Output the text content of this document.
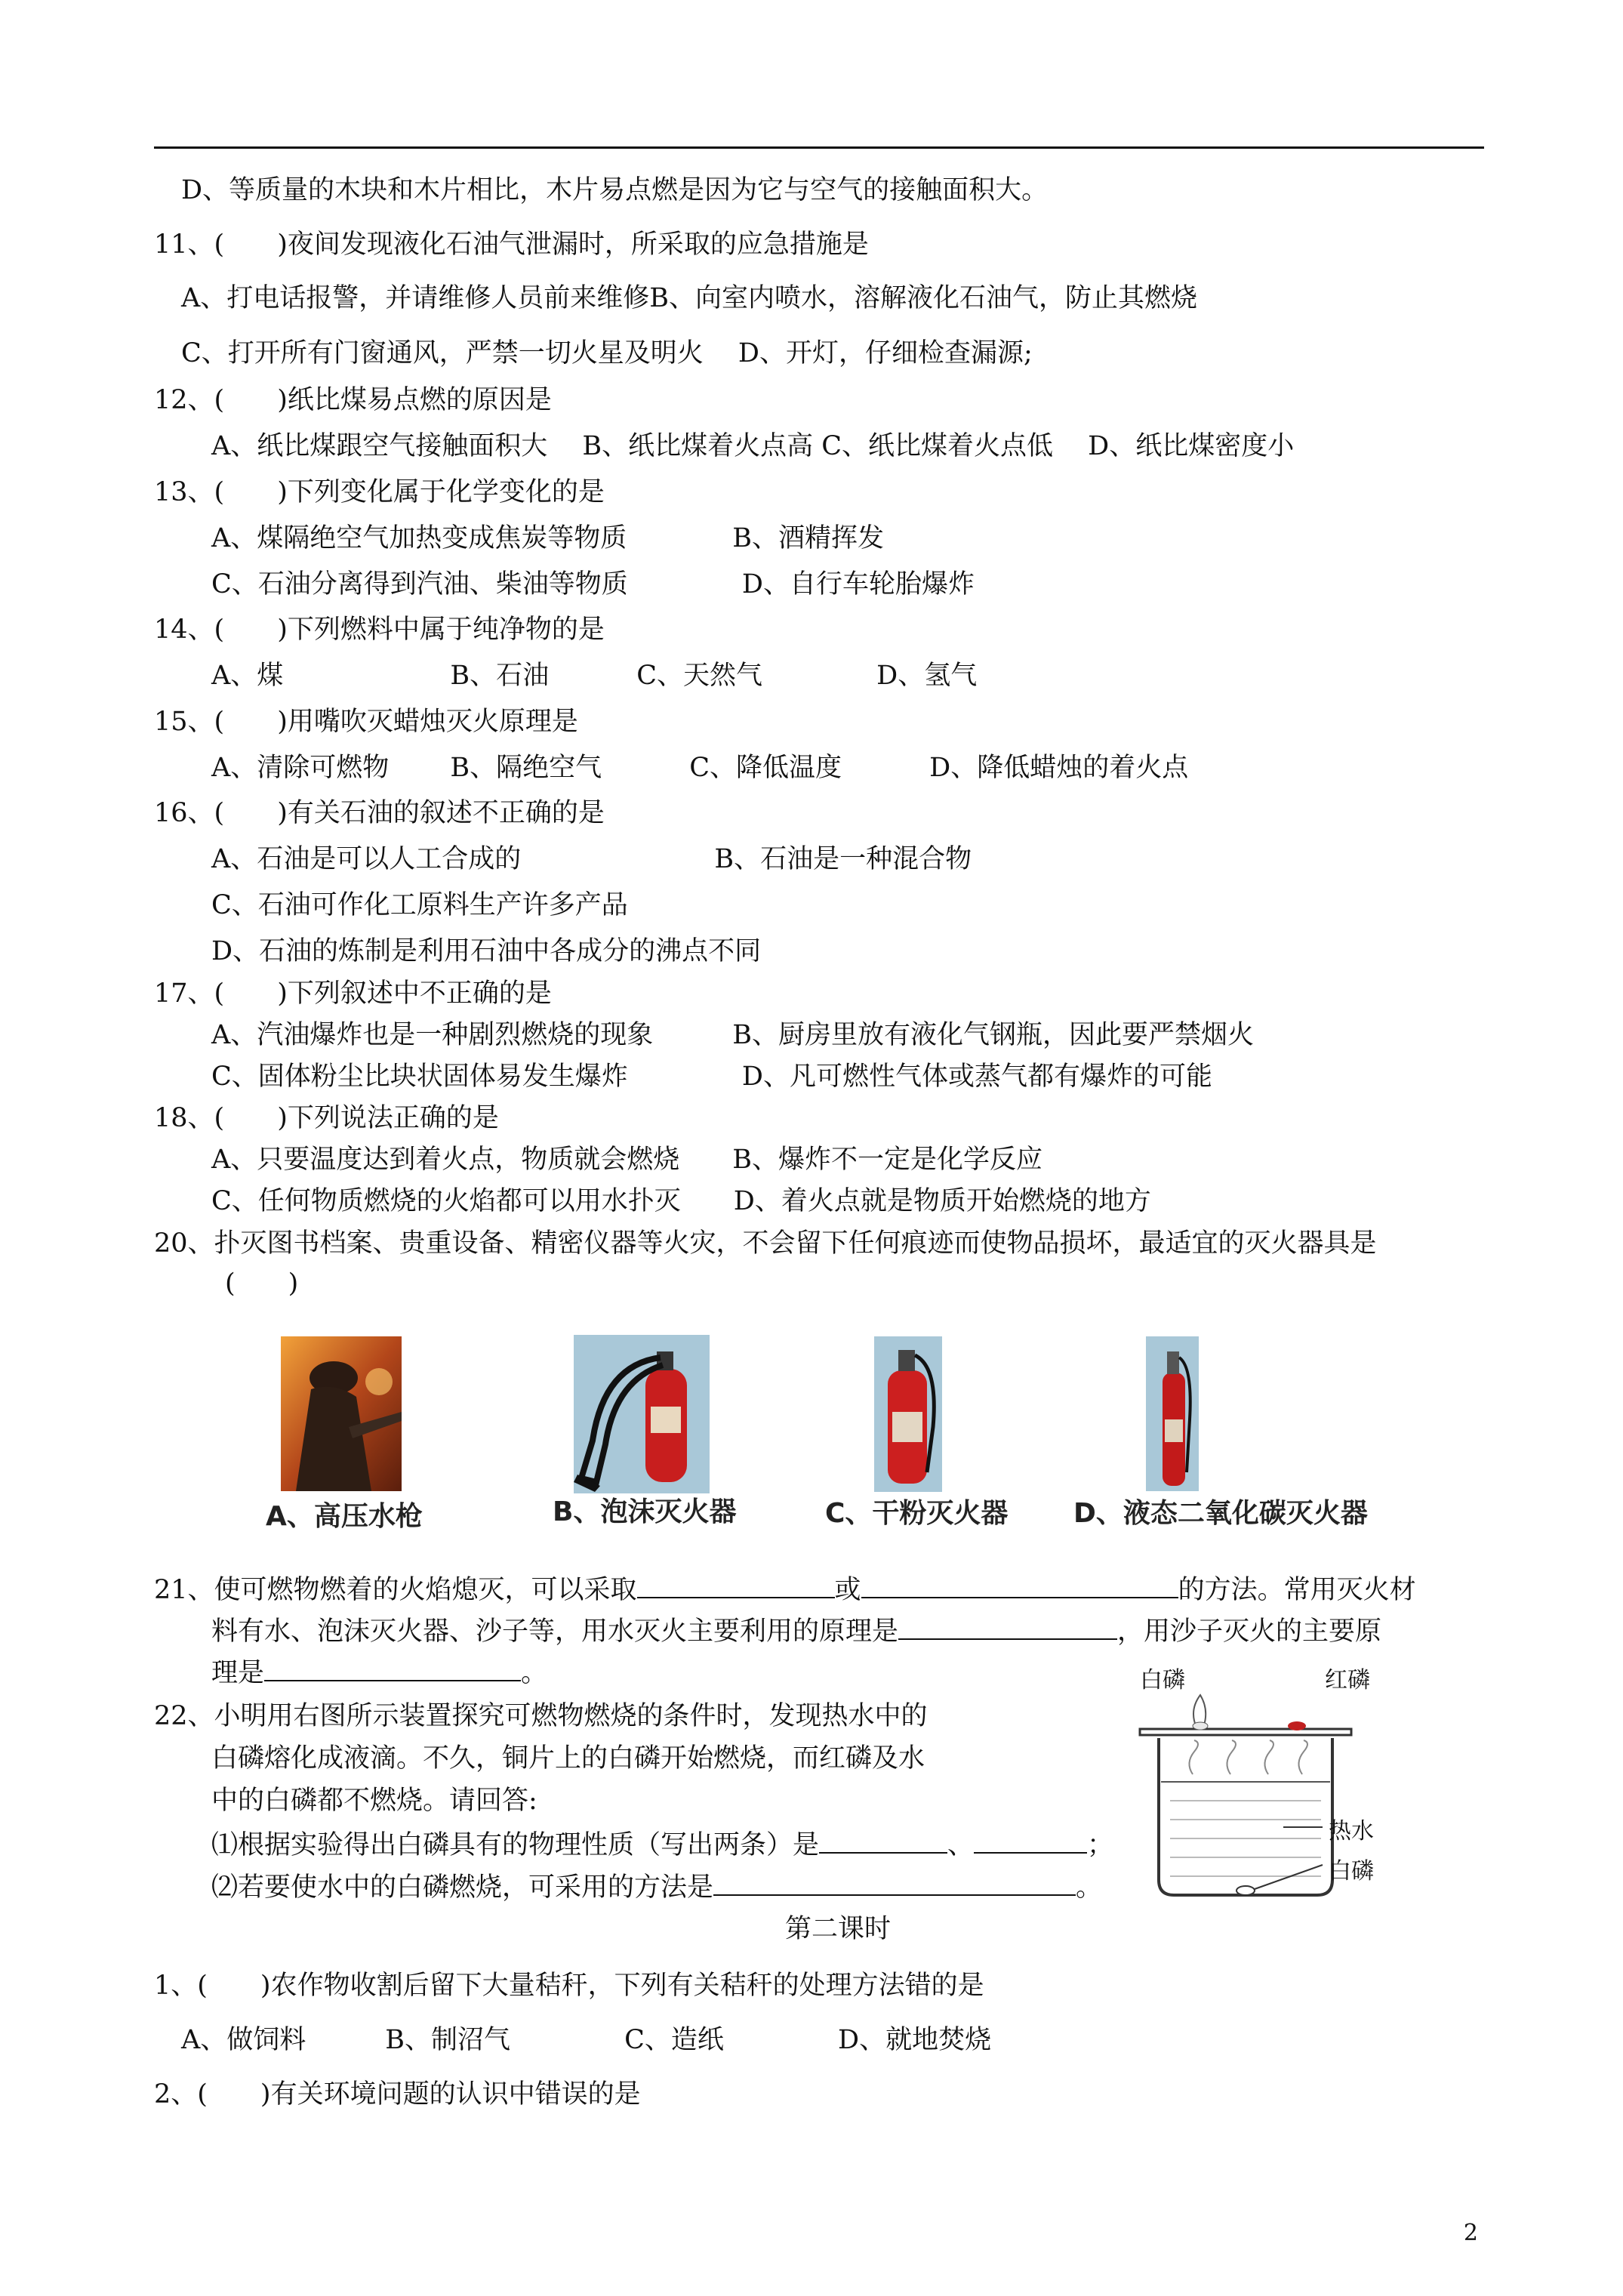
D、等质量的木块和木片相比，木片易点燃是因为它与空气的接触面积大。
11、(　　)夜间发现液化石油气泄漏时，所采取的应急措施是
A、打电话报警，并请维修人员前来维修B、向室内喷水，溶解液化石油气，防止其燃烧
C、打开所有门窗通风，严禁一切火星及明火　 D、开灯，仔细检查漏源;
12、(　　)纸比煤易点燃的原因是
A、纸比煤跟空气接触面积大　 B、纸比煤着火点高 C、纸比煤着火点低　 D、纸比煤密度小
13、(　　)下列变化属于化学变化的是
A、煤隔绝空气加热变成焦炭等物质　　　　B、酒精挥发
C、石油分离得到汽油、柴油等物质　　　　 D、自行车轮胎爆炸
14、(　　)下列燃料中属于纯净物的是
A、煤　　　　　　 B、石油　　　 C、天然气　　　　 D、氢气
15、(　　)用嘴吹灭蜡烛灭火原理是
A、清除可燃物　　 B、隔绝空气　　　 C、降低温度　　　 D、降低蜡烛的着火点
16、(　　)有关石油的叙述不正确的是
A、石油是可以人工合成的　　　　　　　 B、石油是一种混合物
C、石油可作化工原料生产许多产品
D、石油的炼制是利用石油中各成分的沸点不同
17、(　　)下列叙述中不正确的是
A、汽油爆炸也是一种剧烈燃烧的现象　　　B、厨房里放有液化气钢瓶，因此要严禁烟火
C、固体粉尘比块状固体易发生爆炸　　　　 D、凡可燃性气体或蒸气都有爆炸的可能
18、(　　)下列说法正确的是
A、只要温度达到着火点，物质就会燃烧　　B、爆炸不一定是化学反应
C、任何物质燃烧的火焰都可以用水扑灭　　D、着火点就是物质开始燃烧的地方
20、扑灭图书档案、贵重设备、精密仪器等火灾，不会留下任何痕迹而使物品损坏，最适宜的灭火器具是
(　　)
A、高压水枪	B、泡沫灭火器	C、干粉灭火器 D、液态二氧化碳灭火器
21、使可燃物燃着的火焰熄灭，可以采取	或	的方法。常用灭火材
料有水、泡沫灭火器、沙子等，用水灭火主要利用的原理是	，用沙子灭火的主要原
理是	。
22、小明用右图所示装置探究可燃物燃烧的条件时，发现热水中的
白磷熔化成液滴。不久，铜片上的白磷开始燃烧，而红磷及水
中的白磷都不燃烧。请回答:
⑴根据实验得出白磷具有的物理性质（写出两条）是	、	；
⑵若要使水中的白磷燃烧，可采用的方法是	。
白磷	红磷
热水
白磷
第二课时
1、(　　)农作物收割后留下大量秸秆，下列有关秸秆的处理方法错的是
A、做饲料　　　B、制沼气　　　　 C、造纸　　　　 D、就地焚烧
2、(　　)有关环境问题的认识中错误的是
2
